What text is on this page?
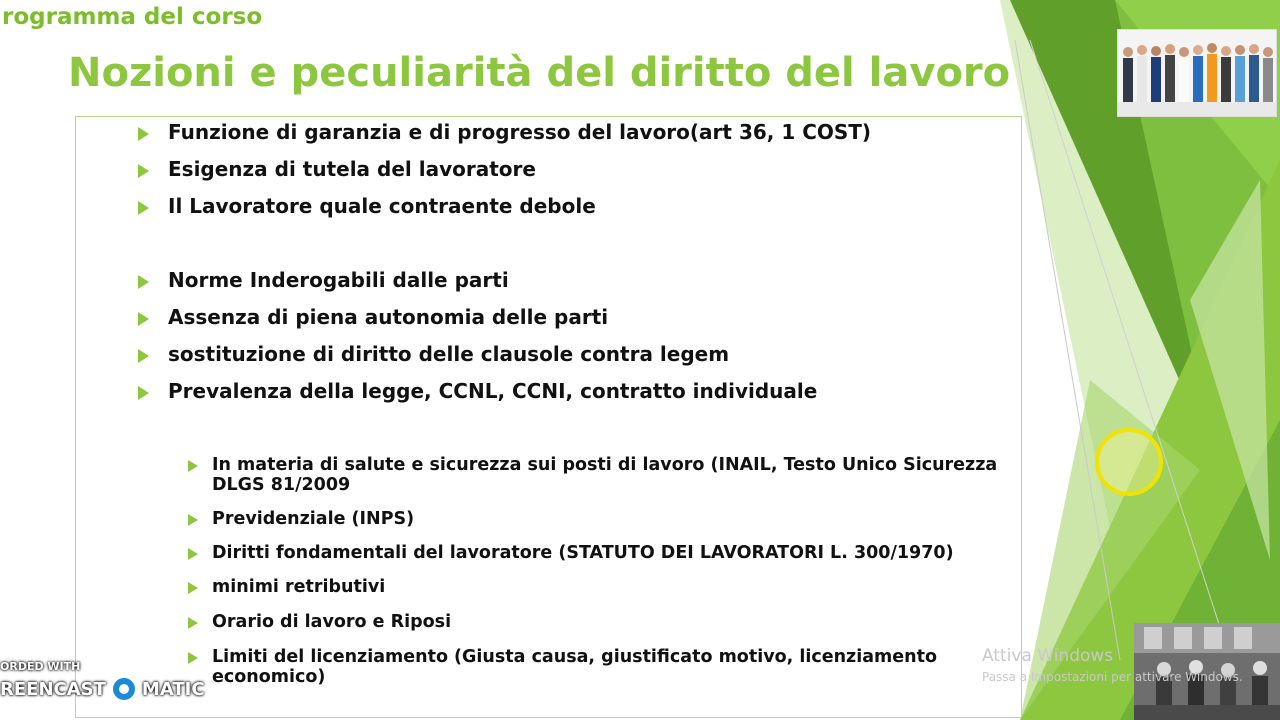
rogramma del corso
Nozioni e peculiarità del diritto del lavoro
Funzione di garanzia e di progresso del lavoro(art 36, 1 COST)
Esigenza di tutela del lavoratore
Il Lavoratore quale contraente debole
Norme Inderogabili dalle parti
Assenza di piena autonomia delle parti
sostituzione di diritto delle clausole contra legem
Prevalenza della legge, CCNL, CCNI, contratto individuale
In materia di salute e sicurezza sui posti di lavoro (INAIL, Testo Unico Sicurezza DLGS 81/2009
Previdenziale (INPS)
Diritti fondamentali del lavoratore (STATUTO DEI LAVORATORI L. 300/1970)
minimi retributivi
Orario di lavoro e Riposi
Limiti del licenziamento (Giusta causa, giustificato motivo, licenziamento economico)
Attiva Windows
Passa a Impostazioni per attivare Windows.
ORDED WITH
REENCAST MATIC
